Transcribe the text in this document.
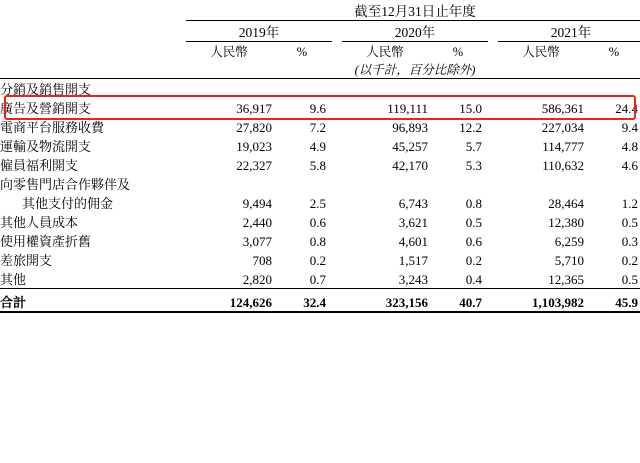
	截至12月31日止年度							
	2019年			2020年			2021年	
	人民幣	%		人民幣	%		人民幣	%
	(以千計，百分比除外)							

分銷及銷售開支								
廣告及營銷開支	36,917	9.6		119,111	15.0		586,361	24.4
電商平台服務收費	27,820	7.2		96,893	12.2		227,034	9.4
運輸及物流開支	19,023	4.9		45,257	5.7		114,777	4.8
僱員福利開支	22,327	5.8		42,170	5.3		110,632	4.6
向零售門店合作夥伴及								
其他支付的佣金	9,494	2.5		6,743	0.8		28,464	1.2
其他人員成本	2,440	0.6		3,621	0.5		12,380	0.5
使用權資產折舊	3,077	0.8		4,601	0.6		6,259	0.3
差旅開支	708	0.2		1,517	0.2		5,710	0.2
其他	2,820	0.7		3,243	0.4		12,365	0.5
合計	124,626	32.4		323,156	40.7		1,103,982	45.9
